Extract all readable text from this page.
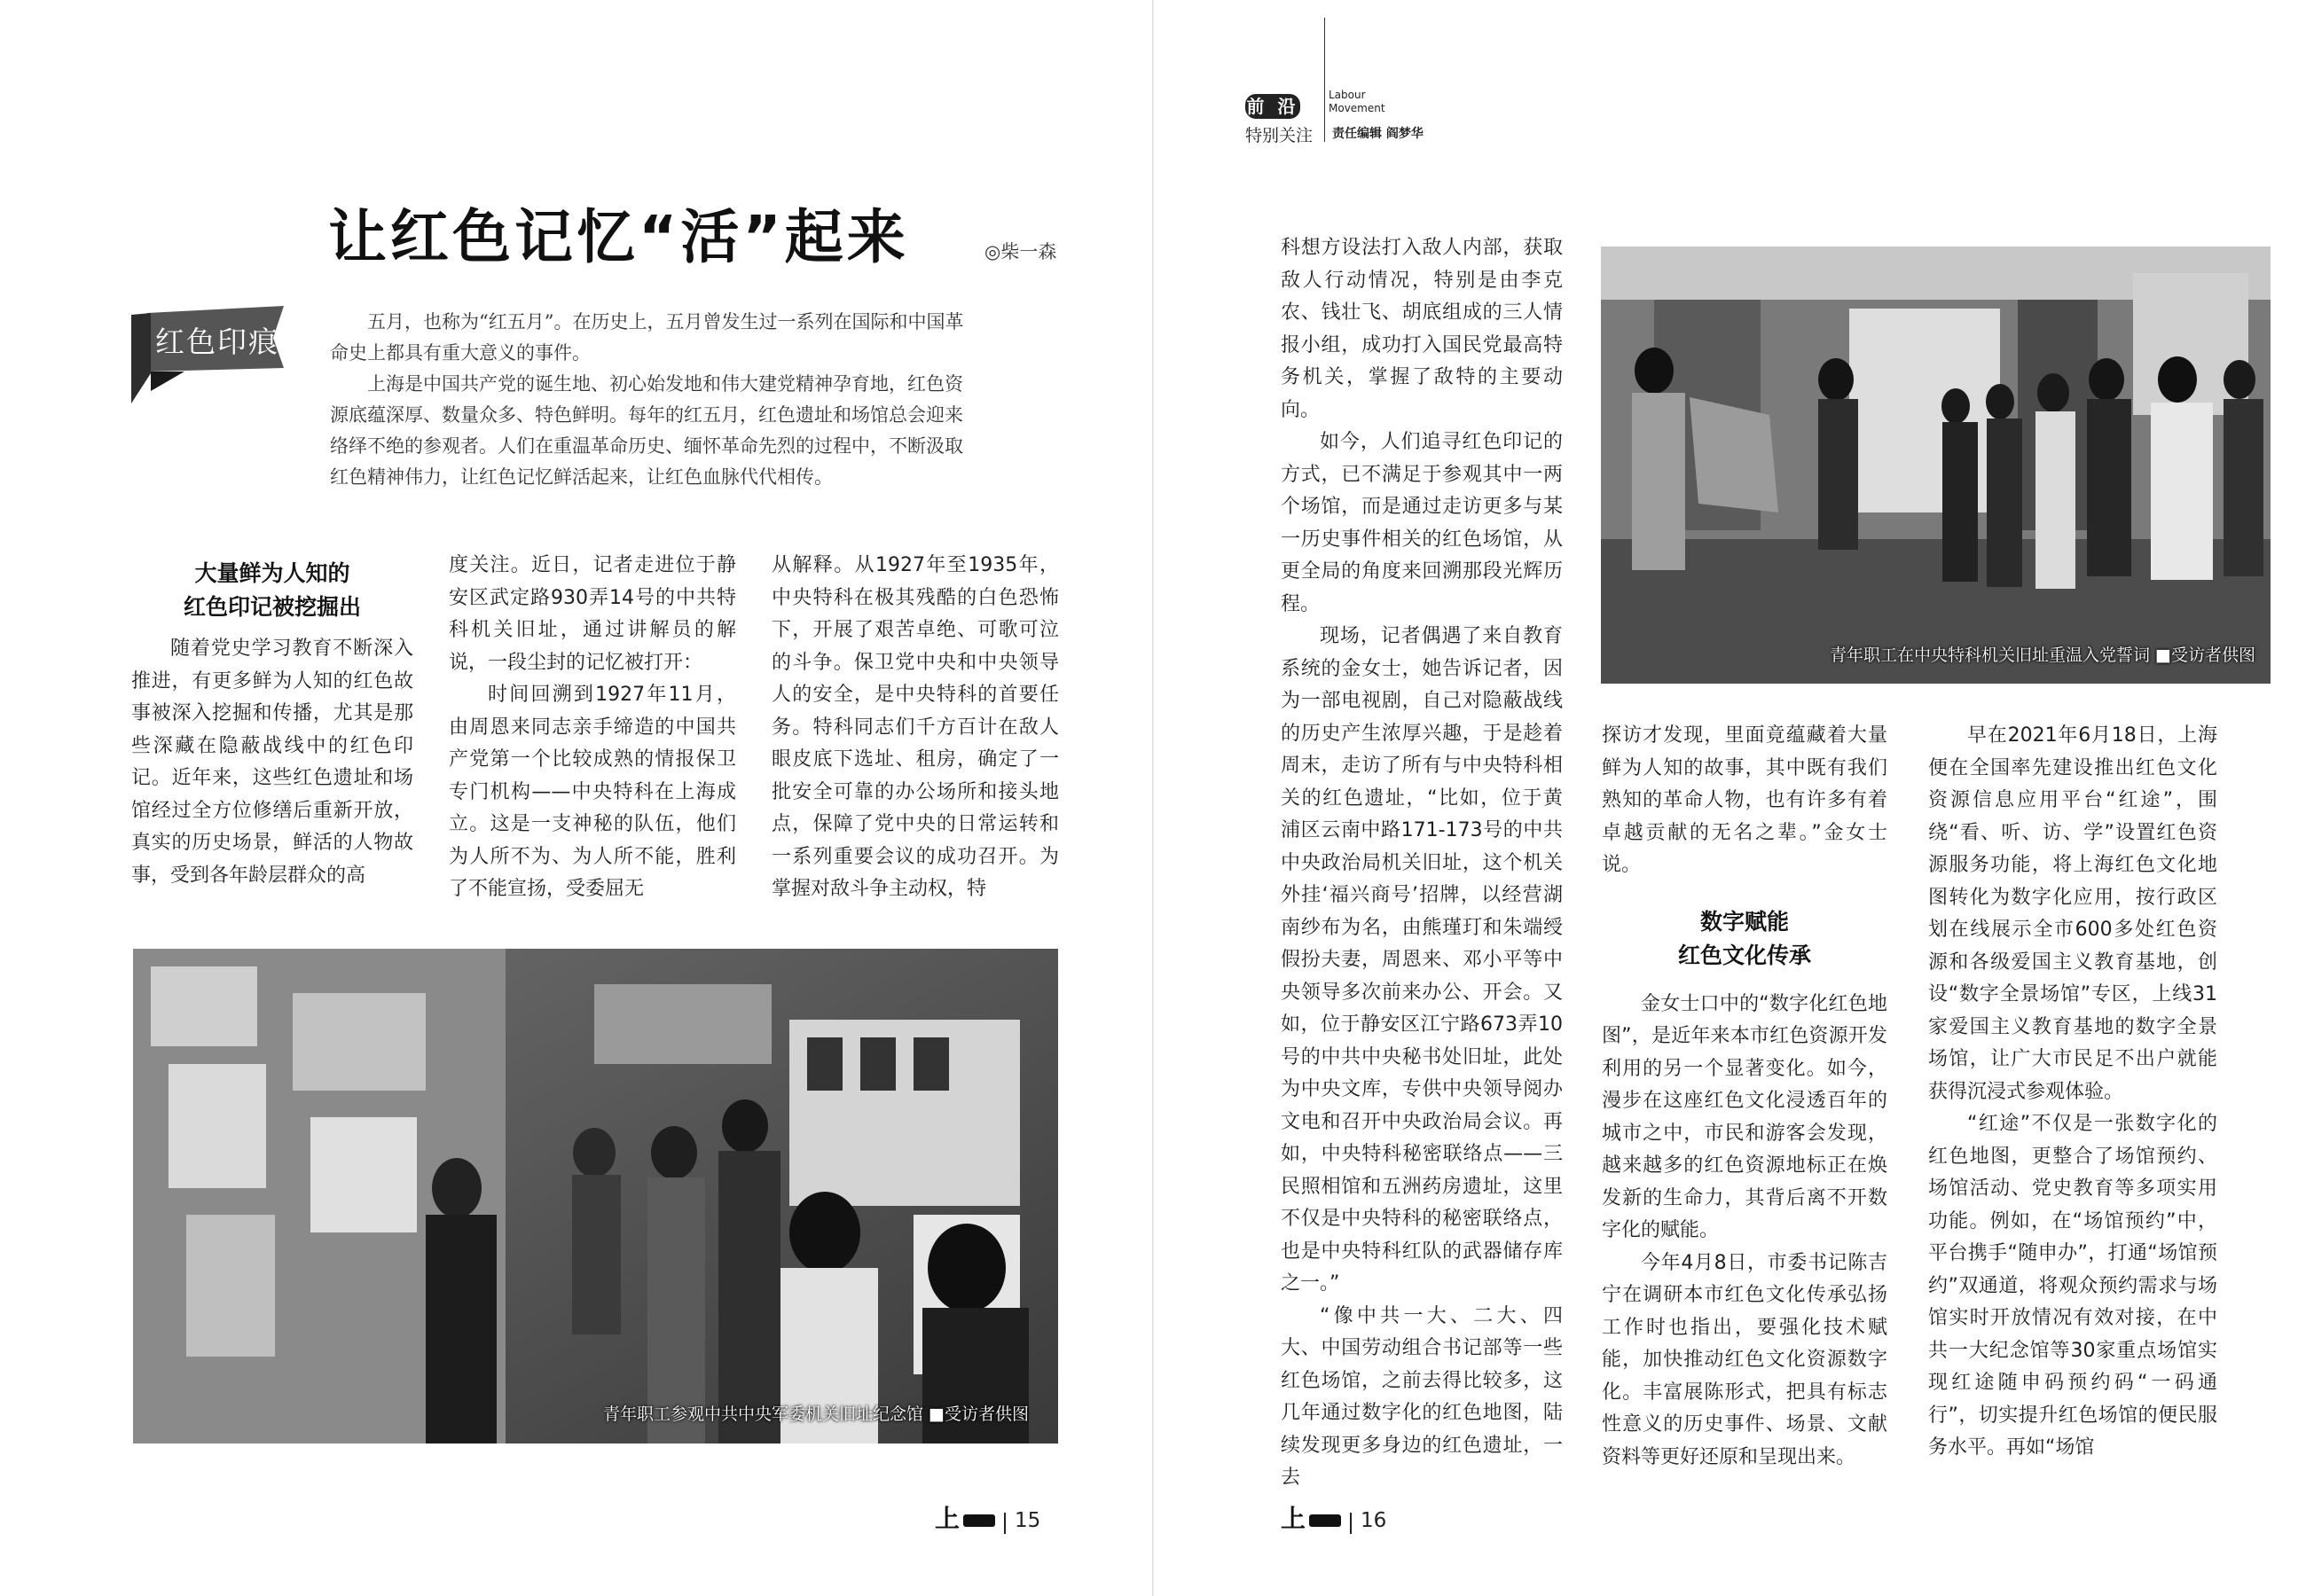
让红色记忆“活”起来	◎柴一森
红色印痕

五月，也称为“红五月”。在历史上，五月曾发生过一系列在国际和中国革命史上都具有重大意义的事件。

上海是中国共产党的诞生地、初心始发地和伟大建党精神孕育地，红色资源底蕴深厚、数量众多、特色鲜明。每年的红五月，红色遗址和场馆总会迎来络绎不绝的参观者。人们在重温革命历史、缅怀革命先烈的过程中，不断汲取红色精神伟力，让红色记忆鲜活起来，让红色血脉代代相传。

大量鲜为人知的
红色印记被挖掘出

随着党史学习教育不断深入推进，有更多鲜为人知的红色故事被深入挖掘和传播，尤其是那些深藏在隐蔽战线中的红色印记。近年来，这些红色遗址和场馆经过全方位修缮后重新开放，真实的历史场景，鲜活的人物故事，受到各年龄层群众的高

度关注。近日，记者走进位于静安区武定路930弄14号的中共特科机关旧址，通过讲解员的解说，一段尘封的记忆被打开：

时间回溯到1927年11月，由周恩来同志亲手缔造的中国共产党第一个比较成熟的情报保卫专门机构——中央特科在上海成立。这是一支神秘的队伍，他们为人所不为、为人所不能，胜利了不能宣扬，受委屈无

从解释。从1927年至1935年，中央特科在极其残酷的白色恐怖下，开展了艰苦卓绝、可歌可泣的斗争。保卫党中央和中央领导人的安全，是中央特科的首要任务。特科同志们千方百计在敌人眼皮底下选址、租房，确定了一批安全可靠的办公场所和接头地点，保障了党中央的日常运转和一系列重要会议的成功召开。为掌握对敌斗争主动权，特

青年职工参观中共中央军委机关旧址纪念馆 ■受访者供图
上	15
前 沿
Labour
Movement
特别关注 责任编辑 阎梦华

科想方设法打入敌人内部，获取敌人行动情况，特别是由李克农、钱壮飞、胡底组成的三人情报小组，成功打入国民党最高特务机关，掌握了敌特的主要动向。

如今，人们追寻红色印记的方式，已不满足于参观其中一两个场馆，而是通过走访更多与某一历史事件相关的红色场馆，从更全局的角度来回溯那段光辉历程。

现场，记者偶遇了来自教育系统的金女士，她告诉记者，因为一部电视剧，自己对隐蔽战线的历史产生浓厚兴趣，于是趁着周末，走访了所有与中央特科相关的红色遗址，“比如，位于黄浦区云南中路171-173号的中共中央政治局机关旧址，这个机关外挂‘福兴商号’招牌，以经营湖南纱布为名，由熊瑾玎和朱端绶假扮夫妻，周恩来、邓小平等中央领导多次前来办公、开会。又如，位于静安区江宁路673弄10号的中共中央秘书处旧址，此处为中央文库，专供中央领导阅办文电和召开中央政治局会议。再如，中央特科秘密联络点——三民照相馆和五洲药房遗址，这里不仅是中央特科的秘密联络点，也是中央特科红队的武器储存库之一。”

“像中共一大、二大、四大、中国劳动组合书记部等一些红色场馆，之前去得比较多，这几年通过数字化的红色地图，陆续发现更多身边的红色遗址，一去

青年职工在中央特科机关旧址重温入党誓词 ■受访者供图

探访才发现，里面竟蕴藏着大量鲜为人知的故事，其中既有我们熟知的革命人物，也有许多有着卓越贡献的无名之辈。”金女士说。

数字赋能
红色文化传承

金女士口中的“数字化红色地图”，是近年来本市红色资源开发利用的另一个显著变化。如今，漫步在这座红色文化浸透百年的城市之中，市民和游客会发现，越来越多的红色资源地标正在焕发新的生命力，其背后离不开数字化的赋能。

今年4月8日，市委书记陈吉宁在调研本市红色文化传承弘扬工作时也指出，要强化技术赋能，加快推动红色文化资源数字化。丰富展陈形式，把具有标志性意义的历史事件、场景、文献资料等更好还原和呈现出来。

早在2021年6月18日，上海便在全国率先建设推出红色文化资源信息应用平台“红途”，围绕“看、听、访、学”设置红色资源服务功能，将上海红色文化地图转化为数字化应用，按行政区划在线展示全市600多处红色资源和各级爱国主义教育基地，创设“数字全景场馆”专区，上线31家爱国主义教育基地的数字全景场馆，让广大市民足不出户就能获得沉浸式参观体验。

“红途”不仅是一张数字化的红色地图，更整合了场馆预约、场馆活动、党史教育等多项实用功能。例如，在“场馆预约”中，平台携手“随申办”，打通“场馆预约”双通道，将观众预约需求与场馆实时开放情况有效对接，在中共一大纪念馆等30家重点场馆实现红途随申码预约码“一码通行”，切实提升红色场馆的便民服务水平。再如“场馆

上	16
